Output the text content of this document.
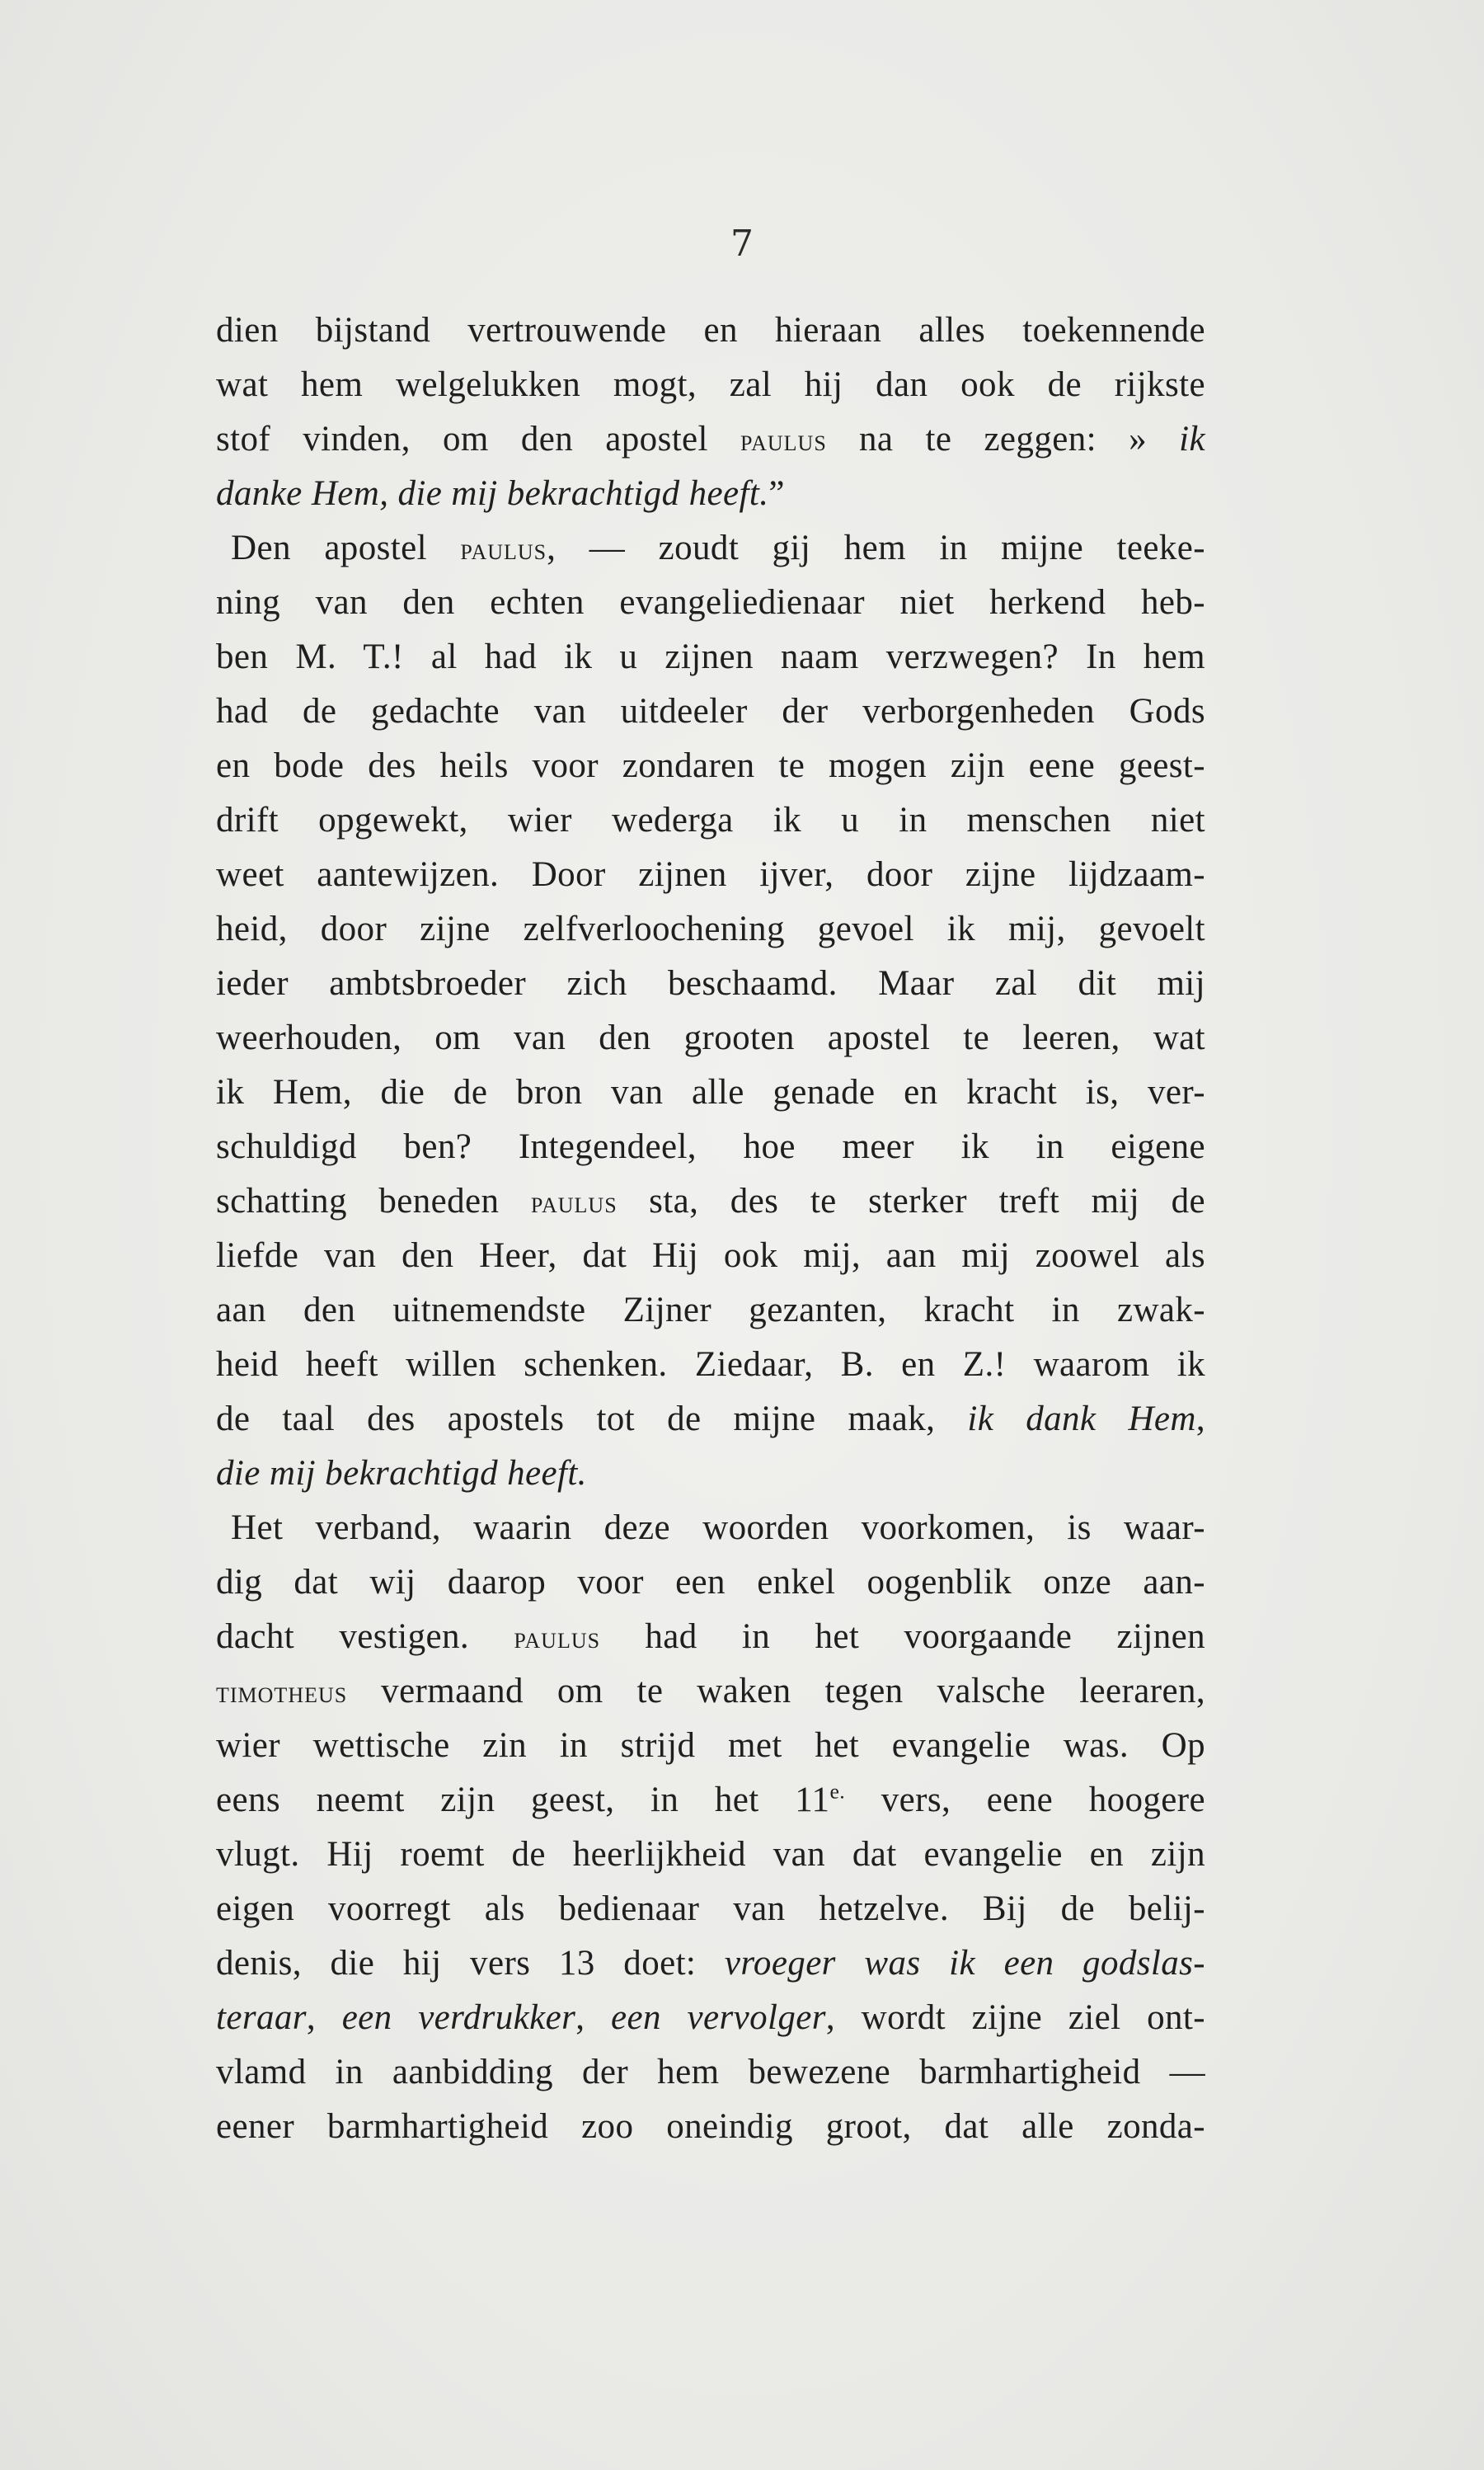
7
dien bijstand vertrouwende en hieraan alles toekennende
wat hem welgelukken mogt, zal hij dan ook de rijkste
stof vinden, om den apostel paulus na te zeggen: » ik
danke Hem, die mij bekrachtigd heeft.”
Den apostel paulus, — zoudt gij hem in mijne teeke-
ning van den echten evangeliedienaar niet herkend heb-
ben M. T.! al had ik u zijnen naam verzwegen? In hem
had de gedachte van uitdeeler der verborgenheden Gods
en bode des heils voor zondaren te mogen zijn eene geest-
drift opgewekt, wier wederga ik u in menschen niet
weet aantewijzen. Door zijnen ijver, door zijne lijdzaam-
heid, door zijne zelfverloochening gevoel ik mij, gevoelt
ieder ambtsbroeder zich beschaamd. Maar zal dit mij
weerhouden, om van den grooten apostel te leeren, wat
ik Hem, die de bron van alle genade en kracht is, ver-
schuldigd ben? Integendeel, hoe meer ik in eigene
schatting beneden paulus sta, des te sterker treft mij de
liefde van den Heer, dat Hij ook mij, aan mij zoowel als
aan den uitnemendste Zijner gezanten, kracht in zwak-
heid heeft willen schenken. Ziedaar, B. en Z.! waarom ik
de taal des apostels tot de mijne maak, ik dank Hem,
die mij bekrachtigd heeft.
Het verband, waarin deze woorden voorkomen, is waar-
dig dat wij daarop voor een enkel oogenblik onze aan-
dacht vestigen. paulus had in het voorgaande zijnen
timotheus vermaand om te waken tegen valsche leeraren,
wier wettische zin in strijd met het evangelie was. Op
eens neemt zijn geest, in het $11^{e.}$ vers, eene hoogere
vlugt. Hij roemt de heerlijkheid van dat evangelie en zijn
eigen voorregt als bedienaar van hetzelve. Bij de belij-
denis, die hij vers 13 doet: vroeger was ik een godslas-
teraar, een verdrukker, een vervolger, wordt zijne ziel ont-
vlamd in aanbidding der hem bewezene barmhartigheid —
eener barmhartigheid zoo oneindig groot, dat alle zonda-
